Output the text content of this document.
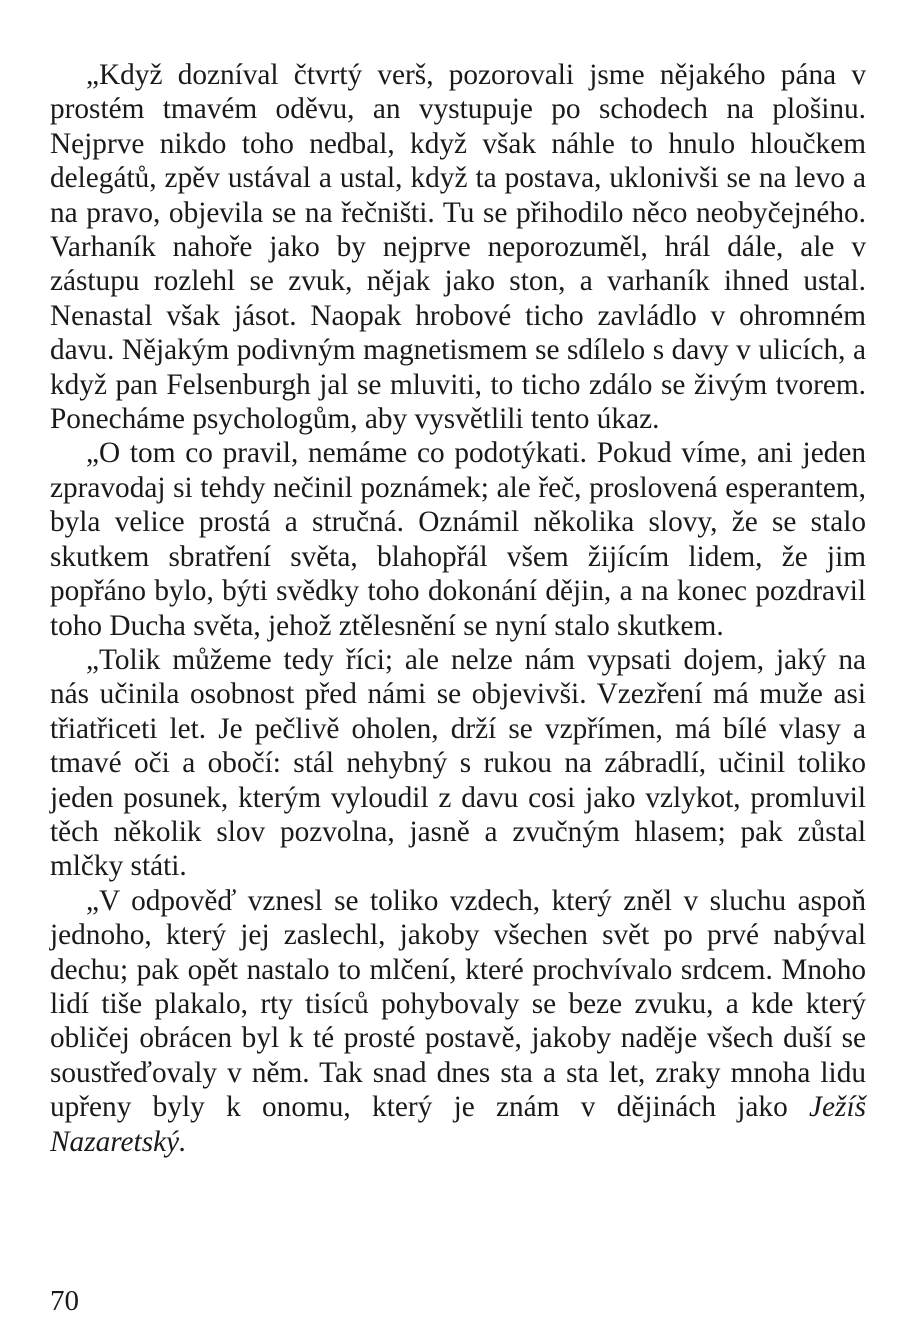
„Když dozníval čtvrtý verš, pozorovali jsme nějakého pána v prostém tmavém oděvu, an vystupuje po schodech na plošinu. Nejprve nikdo toho nedbal, když však náhle to hnulo hloučkem delegátů, zpěv ustával a ustal, když ta postava, uklonivši se na levo a na pravo, objevila se na řečništi. Tu se přihodilo něco neobyčejného. Varhaník nahoře jako by nejprve neporozuměl, hrál dále, ale v zástupu rozlehl se zvuk, nějak jako ston, a varhaník ihned ustal. Nenastal však jásot. Naopak hrobové ticho zavládlo v ohromném davu. Nějakým podivným magnetismem se sdílelo s davy v ulicích, a když pan Felsenburgh jal se mluviti, to ticho zdálo se živým tvorem. Ponecháme psychologům, aby vysvětlili tento úkaz.

„O tom co pravil, nemáme co podotýkati. Pokud víme, ani jeden zpravodaj si tehdy nečinil poznámek; ale řeč, proslovená esperantem, byla velice prostá a stručná. Oznámil několika slovy, že se stalo skutkem sbratření světa, blahopřál všem žijícím lidem, že jim popřáno bylo, býti svědky toho dokonání dějin, a na konec pozdravil toho Ducha světa, jehož ztělesnění se nyní stalo skutkem.

„Tolik můžeme tedy říci; ale nelze nám vypsati dojem, jaký na nás učinila osobnost před námi se objevivši. Vzezření má muže asi třiatřiceti let. Je pečlivě oholen, drží se vzpřímen, má bílé vlasy a tmavé oči a obočí: stál nehybný s rukou na zábradlí, učinil toliko jeden posunek, kterým vyloudil z davu cosi jako vzlykot, promluvil těch několik slov pozvolna, jasně a zvučným hlasem; pak zůstal mlčky státi.

„V odpověď vznesl se toliko vzdech, který zněl v sluchu aspoň jednoho, který jej zaslechl, jakoby všechen svět po prvé nabýval dechu; pak opět nastalo to mlčení, které prochvívalo srdcem. Mnoho lidí tiše plakalo, rty tisíců pohybovaly se beze zvuku, a kde který obličej obrácen byl k té prosté postavě, jakoby naděje všech duší se soustřeďovaly v něm. Tak snad dnes sta a sta let, zraky mnoha lidu upřeny byly k onomu, který je znám v dějinách jako Ježíš Nazaretský.

70
